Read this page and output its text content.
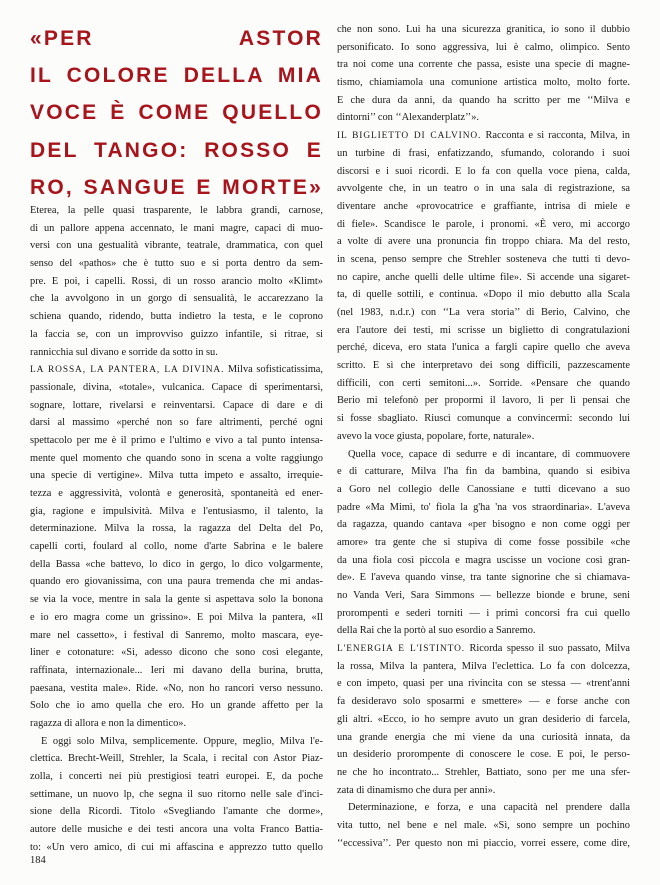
«PER ASTOR
IL COLORE DELLA MIA
VOCE È COME QUELLO
DEL TANGO: ROSSO E
RO, SANGUE E MORTE»
Eterea, la pelle quasi trasparente, le labbra grandi, carnose,
di un pallore appena accennato, le mani magre, capaci di muo-
versi con una gestualità vibrante, teatrale, drammatica, con quel
senso del «pathos» che è tutto suo e si porta dentro da sem-
pre. E poi, i capelli. Rossi, di un rosso arancio molto «Klimt»
che la avvolgono in un gorgo di sensualità, le accarezzano la
schiena quando, ridendo, butta indietro la testa, e le coprono
la faccia se, con un improvviso guizzo infantile, si ritrae, si
rannicchia sul divano e sorride da sotto in su.
LA ROSSA, LA PANTERA, LA DIVINA. Milva sofisticatissima,
passionale, divina, «totale», vulcanica. Capace di sperimentarsi,
sognare, lottare, rivelarsi e reinventarsi. Capace di dare e di
darsi al massimo «perché non so fare altrimenti, perché ogni
spettacolo per me è il primo e l'ultimo e vivo a tal punto intensa-
mente quel momento che quando sono in scena a volte raggiungo
una specie di vertigine». Milva tutta impeto e assalto, irrequie-
tezza e aggressività, volontà e generosità, spontaneità ed ener-
gia, ragione e impulsività. Milva e l'entusiasmo, il talento, la
determinazione. Milva la rossa, la ragazza del Delta del Po,
capelli corti, foulard al collo, nome d'arte Sabrina e le balere
della Bassa «che battevo, lo dico in gergo, lo dico volgarmente,
quando ero giovanissima, con una paura tremenda che mi andas-
se via la voce, mentre in sala la gente si aspettava solo la bonona
e io ero magra come un grissino». E poi Milva la pantera, «Il
mare nel cassetto», i festival di Sanremo, molto mascara, eye-
liner e cotonature: «Sì, adesso dicono che sono così elegante,
raffinata, internazionale... Ieri mi davano della burina, brutta,
paesana, vestita male». Ride. «No, non ho rancori verso nessuno.
Solo che io amo quella che ero. Ho un grande affetto per la
ragazza di allora e non la dimentico».
E oggi solo Milva, semplicemente. Oppure, meglio, Milva l'e-
clettica. Brecht-Weill, Strehler, la Scala, i recital con Astor Piaz-
zolla, i concerti nei più prestigiosi teatri europei. E, da poche
settimane, un nuovo lp, che segna il suo ritorno nelle sale d'inci-
sione della Ricordi. Titolo «Svegliando l'amante che dorme»,
autore delle musiche e dei testi ancora una volta Franco Battia-
to: «Un vero amico, di cui mi affascina e apprezzo tutto quello
che non sono. Lui ha una sicurezza granitica, io sono il dubbio
personificato. Io sono aggressiva, lui è calmo, olimpico. Sento
tra noi come una corrente che passa, esiste una specie di magne-
tismo, chiamiamola una comunione artistica molto, molto forte.
E che dura da anni, da quando ha scritto per me ‘‘Milva e
dintorni’’ con ‘‘Alexanderplatz’’».
IL BIGLIETTO DI CALVINO. Racconta e si racconta, Milva, in
un turbine di frasi, enfatizzando, sfumando, colorando i suoi
discorsi e i suoi ricordi. E lo fa con quella voce piena, calda,
avvolgente che, in un teatro o in una sala di registrazione, sa
diventare anche «provocatrice e graffiante, intrisa di miele e
di fiele». Scandisce le parole, i pronomi. «È vero, mi accorgo
a volte di avere una pronuncia fin troppo chiara. Ma del resto,
in scena, penso sempre che Strehler sosteneva che tutti ti devo-
no capire, anche quelli delle ultime file». Si accende una sigaret-
ta, di quelle sottili, e continua. «Dopo il mio debutto alla Scala
(nel 1983, n.d.r.) con ‘‘La vera storia’’ di Berio, Calvino, che
era l'autore dei testi, mi scrisse un biglietto di congratulazioni
perché, diceva, ero stata l'unica a fargli capire quello che aveva
scritto. E sì che interpretavo dei song difficili, pazzescamente
difficili, con certi semitoni...». Sorride. «Pensare che quando
Berio mi telefonò per propormi il lavoro, lì per lì pensai che
si fosse sbagliato. Riuscì comunque a convincermi: secondo lui
avevo la voce giusta, popolare, forte, naturale».
Quella voce, capace di sedurre e di incantare, di commuovere
e di catturare, Milva l'ha fin da bambina, quando si esibiva
a Goro nel collegio delle Canossiane e tutti dicevano a suo
padre «Ma Mimì, to' fiola la g'ha 'na vos straordinaria». L'aveva
da ragazza, quando cantava «per bisogno e non come oggi per
amore» tra gente che si stupiva di come fosse possibile «che
da una fiola così piccola e magra uscisse un vocione così gran-
de». E l'aveva quando vinse, tra tante signorine che si chiamava-
no Vanda Veri, Sara Simmons — bellezze bionde e brune, seni
prorompenti e sederi torniti — i primi concorsi fra cui quello
della Rai che la portò al suo esordio a Sanremo.
L'ENERGIA E L'ISTINTO. Ricorda spesso il suo passato, Milva
la rossa, Milva la pantera, Milva l'eclettica. Lo fa con dolcezza,
e con impeto, quasi per una rivincita con se stessa — «trent'anni
fa desideravo solo sposarmi e smettere» — e forse anche con
gli altri. «Ecco, io ho sempre avuto un gran desiderio di farcela,
una grande energia che mi viene da una curiosità innata, da
un desiderio prorompente di conoscere le cose. E poi, le perso-
ne che ho incontrato... Strehler, Battiato, sono per me una sfer-
zata di dinamismo che dura per anni».
Determinazione, e forza, e una capacità nel prendere dalla
vita tutto, nel bene e nel male. «Sì, sono sempre un pochino
‘‘eccessiva’’. Per questo non mi piaccio, vorrei essere, come dire,
184
